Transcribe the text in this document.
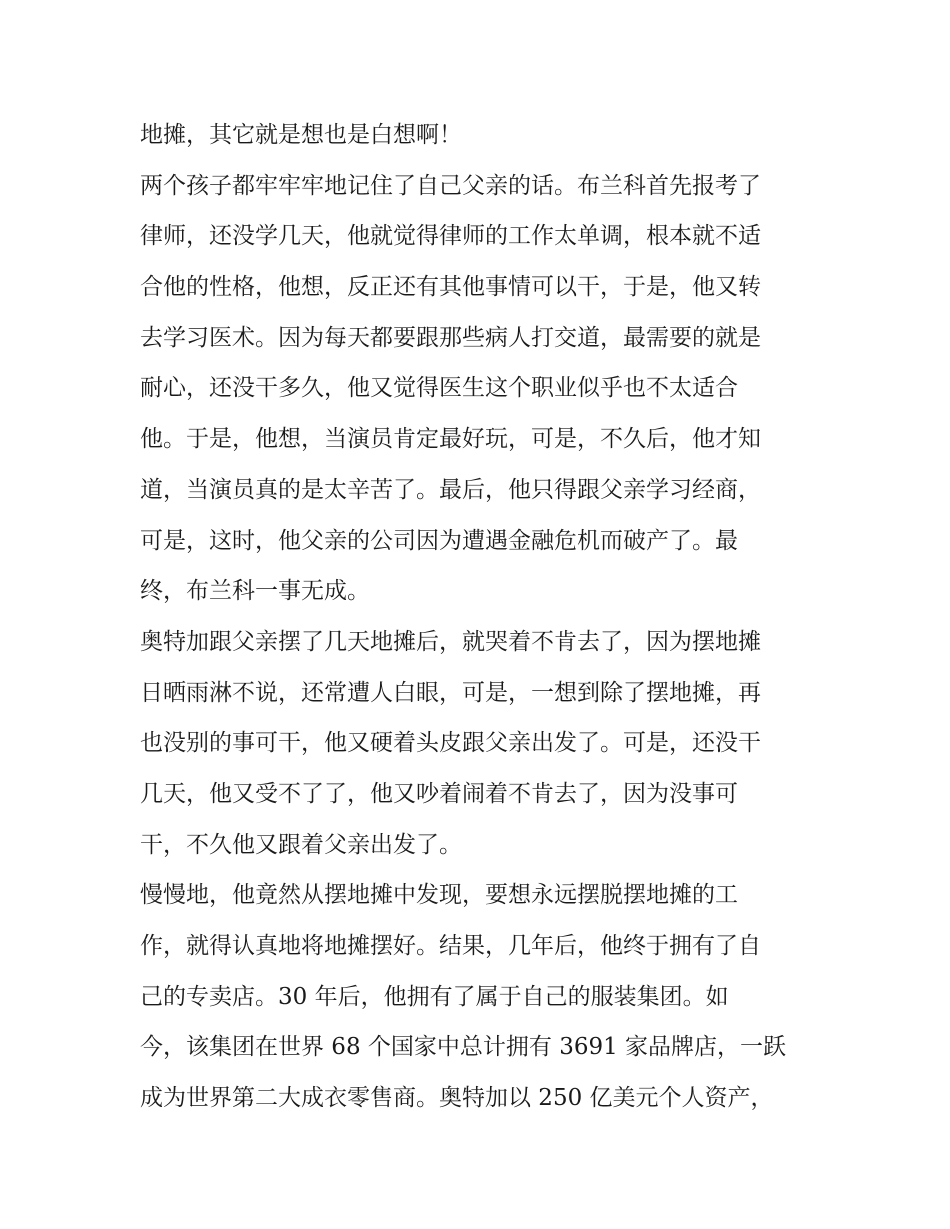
地摊，其它就是想也是白想啊！
两个孩子都牢牢牢地记住了自己父亲的话。布兰科首先报考了
律师，还没学几天，他就觉得律师的工作太单调，根本就不适
合他的性格，他想，反正还有其他事情可以干，于是，他又转
去学习医术。因为每天都要跟那些病人打交道，最需要的就是
耐心，还没干多久，他又觉得医生这个职业似乎也不太适合
他。于是，他想，当演员肯定最好玩，可是，不久后，他才知
道，当演员真的是太辛苦了。最后，他只得跟父亲学习经商，
可是，这时，他父亲的公司因为遭遇金融危机而破产了。最
终，布兰科一事无成。
奥特加跟父亲摆了几天地摊后，就哭着不肯去了，因为摆地摊
日晒雨淋不说，还常遭人白眼，可是，一想到除了摆地摊，再
也没别的事可干，他又硬着头皮跟父亲出发了。可是，还没干
几天，他又受不了了，他又吵着闹着不肯去了，因为没事可
干，不久他又跟着父亲出发了。
慢慢地，他竟然从摆地摊中发现，要想永远摆脱摆地摊的工
作，就得认真地将地摊摆好。结果，几年后，他终于拥有了自
己的专卖店。30 年后，他拥有了属于自己的服装集团。如
今，该集团在世界 68 个国家中总计拥有 3691 家品牌店，一跃
成为世界第二大成衣零售商。奥特加以 250 亿美元个人资产，
